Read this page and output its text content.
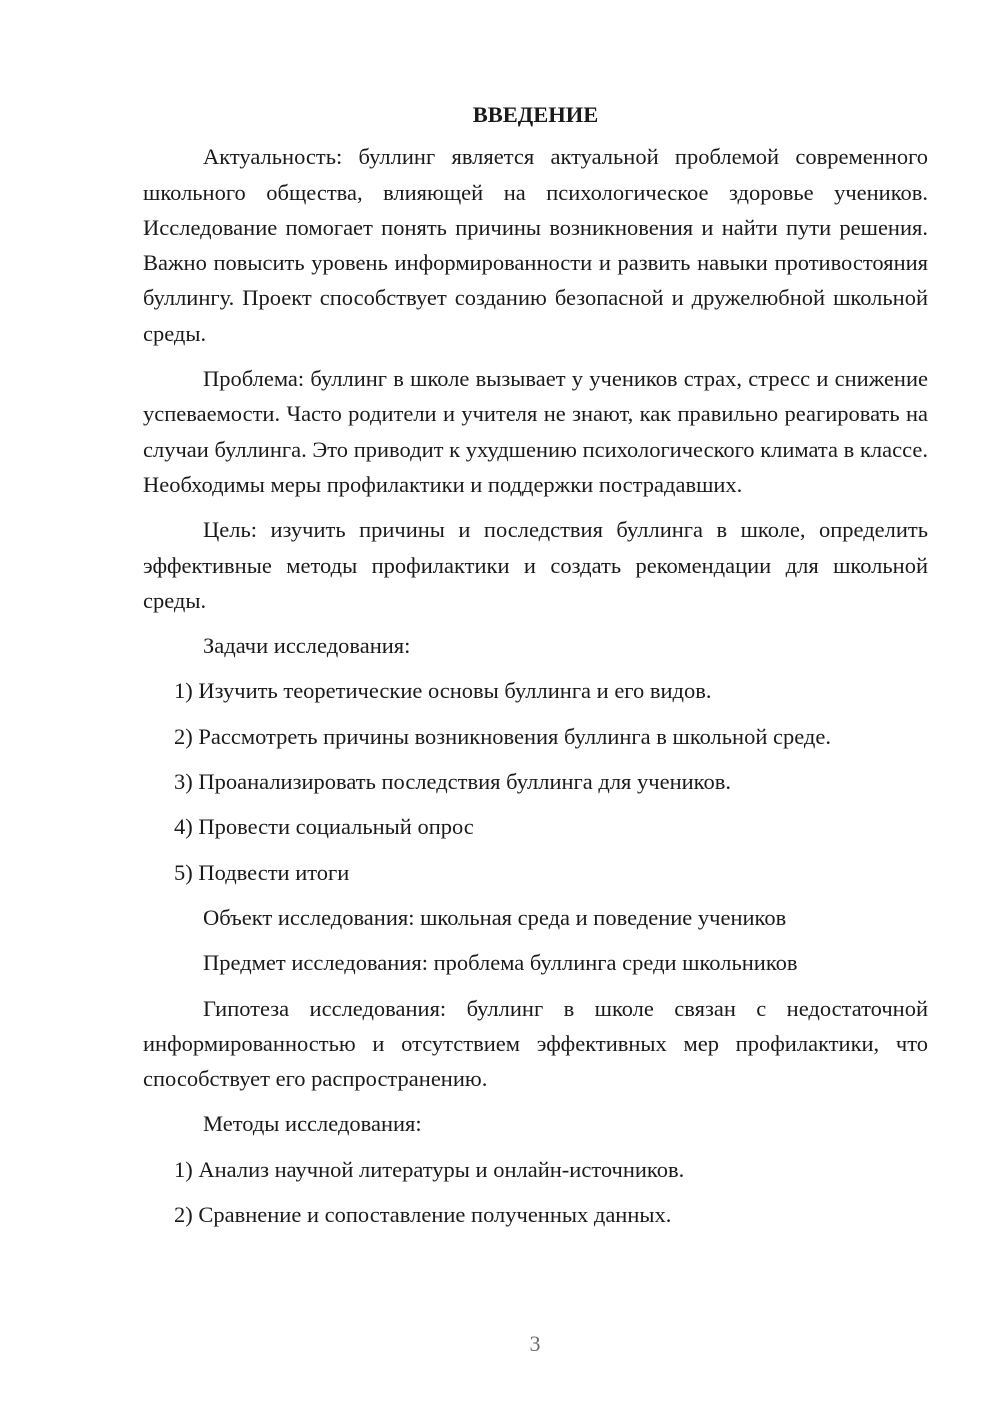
ВВЕДЕНИЕ

Актуальность: буллинг является актуальной проблемой современного школьного общества, влияющей на психологическое здоровье учеников. Исследование помогает понять причины возникновения и найти пути решения. Важно повысить уровень информированности и развить навыки противостояния буллингу. Проект способствует созданию безопасной и дружелюбной школьной среды.

Проблема: буллинг в школе вызывает у учеников страх, стресс и снижение успеваемости. Часто родители и учителя не знают, как правильно реагировать на случаи буллинга. Это приводит к ухудшению психологического климата в классе. Необходимы меры профилактики и поддержки пострадавших.

Цель: изучить причины и последствия буллинга в школе, определить эффективные методы профилактики и создать рекомендации для школьной среды.

Задачи исследования:
1) Изучить теоретические основы буллинга и его видов.
2) Рассмотреть причины возникновения буллинга в школьной среде.
3) Проанализировать последствия буллинга для учеников.
4) Провести социальный опрос
5) Подвести итоги
Объект исследования: школьная среда и поведение учеников
Предмет исследования: проблема буллинга среди школьников

Гипотеза исследования: буллинг в школе связан с недостаточной информированностью и отсутствием эффективных мер профилактики, что способствует его распространению.

Методы исследования:
1) Анализ научной литературы и онлайн-источников.
2) Сравнение и сопоставление полученных данных.
3
